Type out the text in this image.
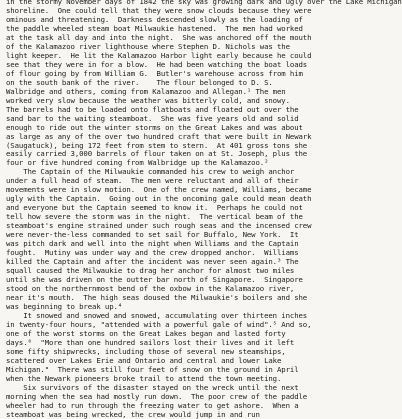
in the stormy November days of 1842 the sky was growing dark and ugly over the Lake Michigan
shoreline.  One could tell that they were snow clouds because they were
ominous and threatening.  Darkness descended slowly as the loading of
the paddle wheeled steam boat Milwaukie hastened.  The men had worked
at the task all day and into the night.  She was anchored off the mouth
of the Kalamazoo river lighthouse where Stephen D. Nichols was the
light keeper.  He lit the Kalamazoo Harbor light early because he could
see that they were in for a blow.  He had been watching the boat loads
of flour going by from William G.  Butler's warehouse across from him
on the south bank of the river.    The flour belonged to D. S.
Walbridge and others, coming from Kalamazoo and Allegan.¹ The men
worked very slow because the weather was bitterly cold, and snowy.
The barrels had to be loaded onto flatboats and floated out over the
sand bar to the waiting steamboat.  She was five years old and solid
enough to ride out the winter storms on the Great Lakes and was about
as large as any of the over two hundred craft that were built in Newark
(Saugatuck), being 172 feet from stem to stern.  At 401 gross tons she
easily carried 3,000 barrels of flour taken on at St. Joseph, plus the
four or five hundred coming from Walbridge up the Kalamazoo.²
The Captain of the Milwaukie commanded his crew to weigh anchor
under a full head of steam.  The men were reluctant and all of their
movements were in slow motion.  One of the crew named, Williams, became
ugly with the Captain.  Going out in the oncoming gale could mean death
and everyone but the Captain seemed to know it.  Perhaps he could not
tell how severe the storm was in the night.  The vertical beam of the
steamboat's engine strained under such rough seas and the incensed crew
were never-the-less commanded to set sail for Buffalo, New York.  It
was pitch dark and well into the night when Williams and the Captain
fought.  Mutiny was under way and the crew dropped anchor.  Williams
killed the Captain and after the incident was never seen again.³ The
squall caused the Milwaukie to drag her anchor for almost two miles
until she was driven on the outter bar north of Singapore.  Singapore
stood on the northernmost bend of the oxbow in the Kalamazoo river,
near it's mouth.  The high seas doused the Milwaukie's boilers and she
was beginning to break up.⁴
It snowed and snowed and snowed, accumulating over thirteen inches
in twenty-four hours, "attended with a powerful gale of wind".⁵ And so,
one of the worst storms on the Great Lakes began and lasted forty
days.⁶  "More than one hundred sailors lost their lives and it left
some fifty shipwrecks, including those of several new steamships,
scattered over Lakes Erie and Ontario and central and lower Lake
Michigan."  There was still four feet of snow on the ground in April
when the Newark pioneers broke trail to attend the town meeting.
Six survivors of the disaster stayed on the wreck until the next
morning when the sea had mostly run down.  The poor crew of the paddle
wheeler had to run through the freezing water to get ashore.  When a
steamboat was being wrecked, the crew would jump in and run
